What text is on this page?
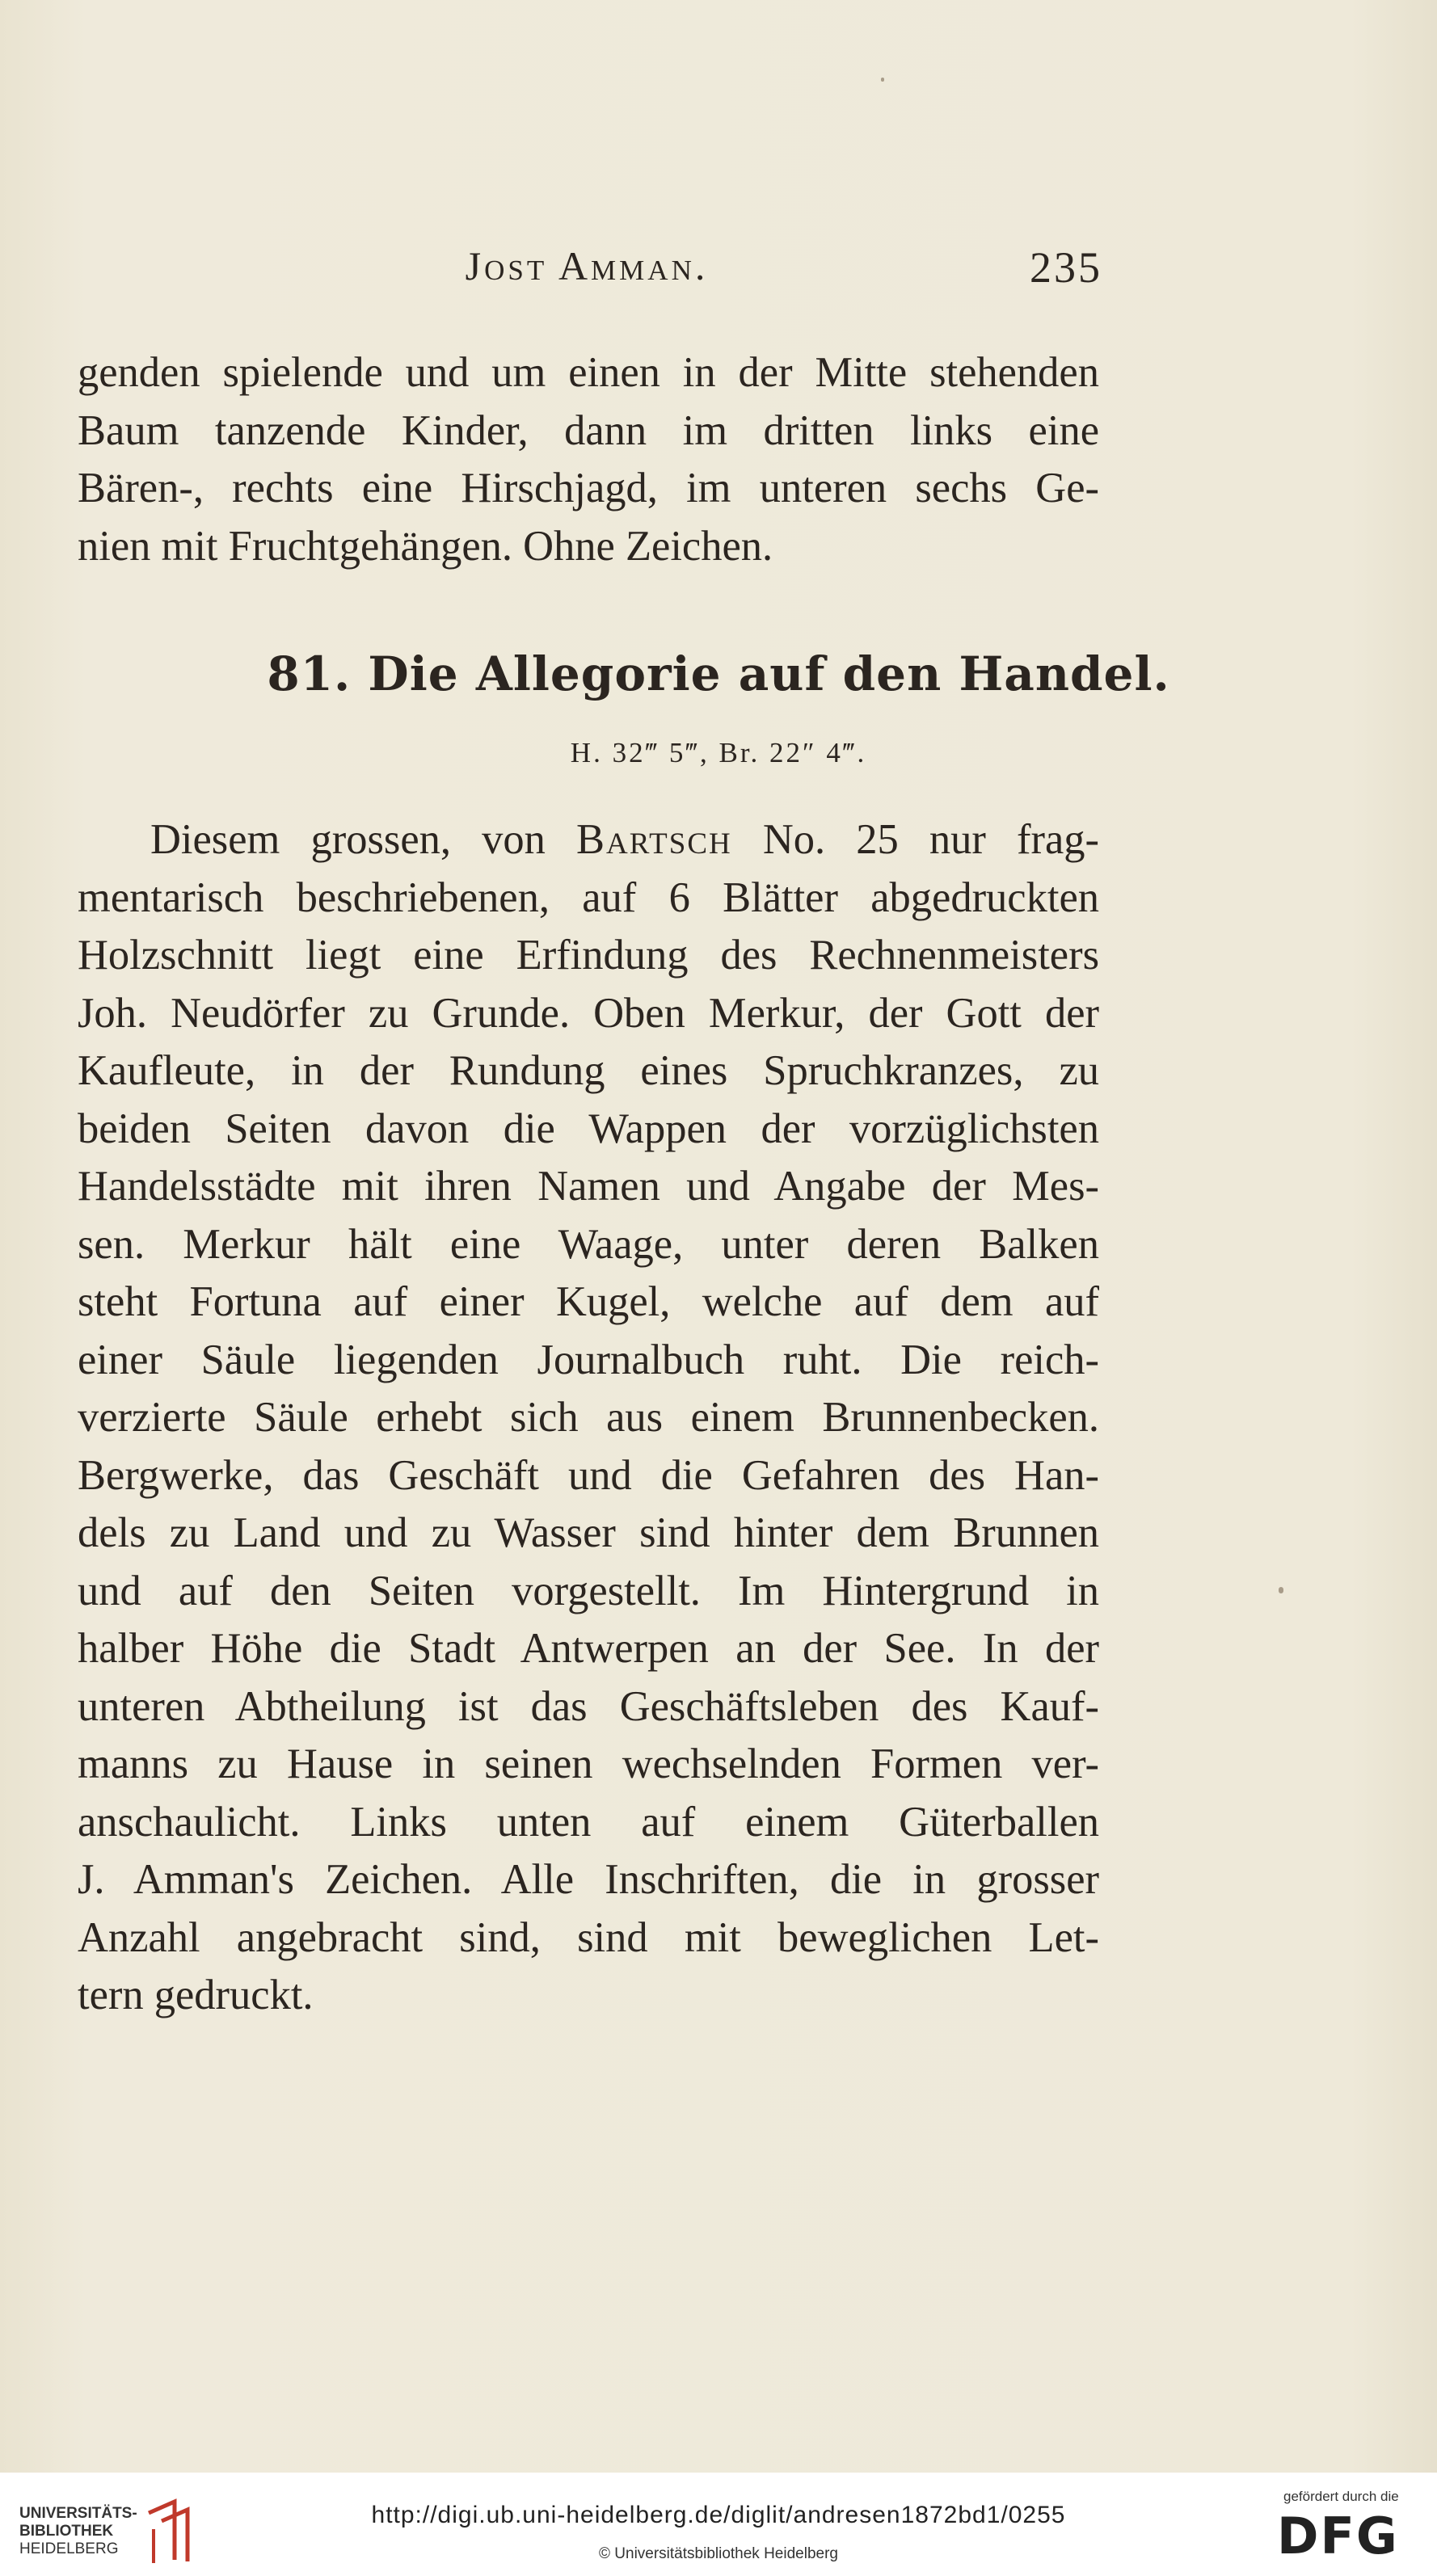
Jost Amman.	235
genden spielende und um einen in der Mitte stehenden
Baum tanzende Kinder, dann im dritten links eine
Bären-, rechts eine Hirschjagd, im unteren sechs Ge-
nien mit Fruchtgehängen. Ohne Zeichen.
81. Die Allegorie auf den Handel.
H. 32‴ 5‴, Br. 22″ 4‴.
Diesem grossen, von Bartsch No. 25 nur frag-
mentarisch beschriebenen, auf 6 Blätter abgedruckten
Holzschnitt liegt eine Erfindung des Rechnenmeisters
Joh. Neudörfer zu Grunde. Oben Merkur, der Gott der
Kaufleute, in der Rundung eines Spruchkranzes, zu
beiden Seiten davon die Wappen der vorzüglichsten
Handelsstädte mit ihren Namen und Angabe der Mes-
sen. Merkur hält eine Waage, unter deren Balken
steht Fortuna auf einer Kugel, welche auf dem auf
einer Säule liegenden Journalbuch ruht. Die reich-
verzierte Säule erhebt sich aus einem Brunnenbecken.
Bergwerke, das Geschäft und die Gefahren des Han-
dels zu Land und zu Wasser sind hinter dem Brunnen
und auf den Seiten vorgestellt. Im Hintergrund in
halber Höhe die Stadt Antwerpen an der See. In der
unteren Abtheilung ist das Geschäftsleben des Kauf-
manns zu Hause in seinen wechselnden Formen ver-
anschaulicht. Links unten auf einem Güterballen
J. Amman's Zeichen. Alle Inschriften, die in grosser
Anzahl angebracht sind, sind mit beweglichen Let-
tern gedruckt.
UNIVERSITÄTS-
BIBLIOTHEK
HEIDELBERG
http://digi.ub.uni-heidelberg.de/diglit/andresen1872bd1/0255
© Universitätsbibliothek Heidelberg
gefördert durch die
DFG
